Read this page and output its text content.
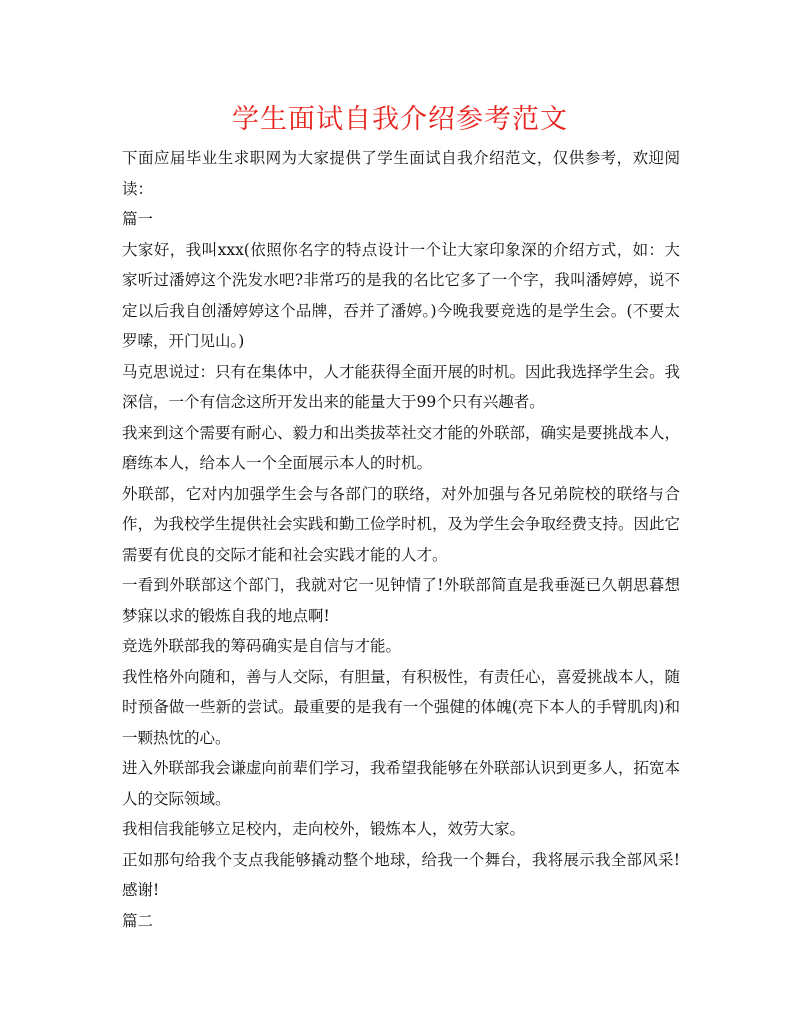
学生面试自我介绍参考范文

下面应届毕业生求职网为大家提供了学生面试自我介绍范文，仅供参考，欢迎阅读：

篇一

大家好，我叫xxx(依照你名字的特点设计一个让大家印象深的介绍方式，如：大家听过潘婷这个洗发水吧?非常巧的是我的名比它多了一个字，我叫潘婷婷，说不定以后我自创潘婷婷这个品牌，吞并了潘婷。)今晚我要竞选的是学生会。(不要太罗嗦，开门见山。)

马克思说过：只有在集体中，人才能获得全面开展的时机。因此我选择学生会。我深信，一个有信念这所开发出来的能量大于99个只有兴趣者。

我来到这个需要有耐心、毅力和出类拔萃社交才能的外联部，确实是要挑战本人，磨练本人，给本人一个全面展示本人的时机。

外联部，它对内加强学生会与各部门的联络，对外加强与各兄弟院校的联络与合作，为我校学生提供社会实践和勤工俭学时机，及为学生会争取经费支持。因此它需要有优良的交际才能和社会实践才能的人才。

一看到外联部这个部门，我就对它一见钟情了!外联部简直是我垂涎已久朝思暮想梦寐以求的锻炼自我的地点啊!

竞选外联部我的筹码确实是自信与才能。

我性格外向随和，善与人交际，有胆量，有积极性，有责任心，喜爱挑战本人，随时预备做一些新的尝试。最重要的是我有一个强健的体魄(亮下本人的手臂肌肉)和一颗热忱的心。

进入外联部我会谦虚向前辈们学习，我希望我能够在外联部认识到更多人，拓宽本人的交际领域。

我相信我能够立足校内，走向校外，锻炼本人，效劳大家。

正如那句给我个支点我能够撬动整个地球，给我一个舞台，我将展示我全部风采!感谢!

篇二
